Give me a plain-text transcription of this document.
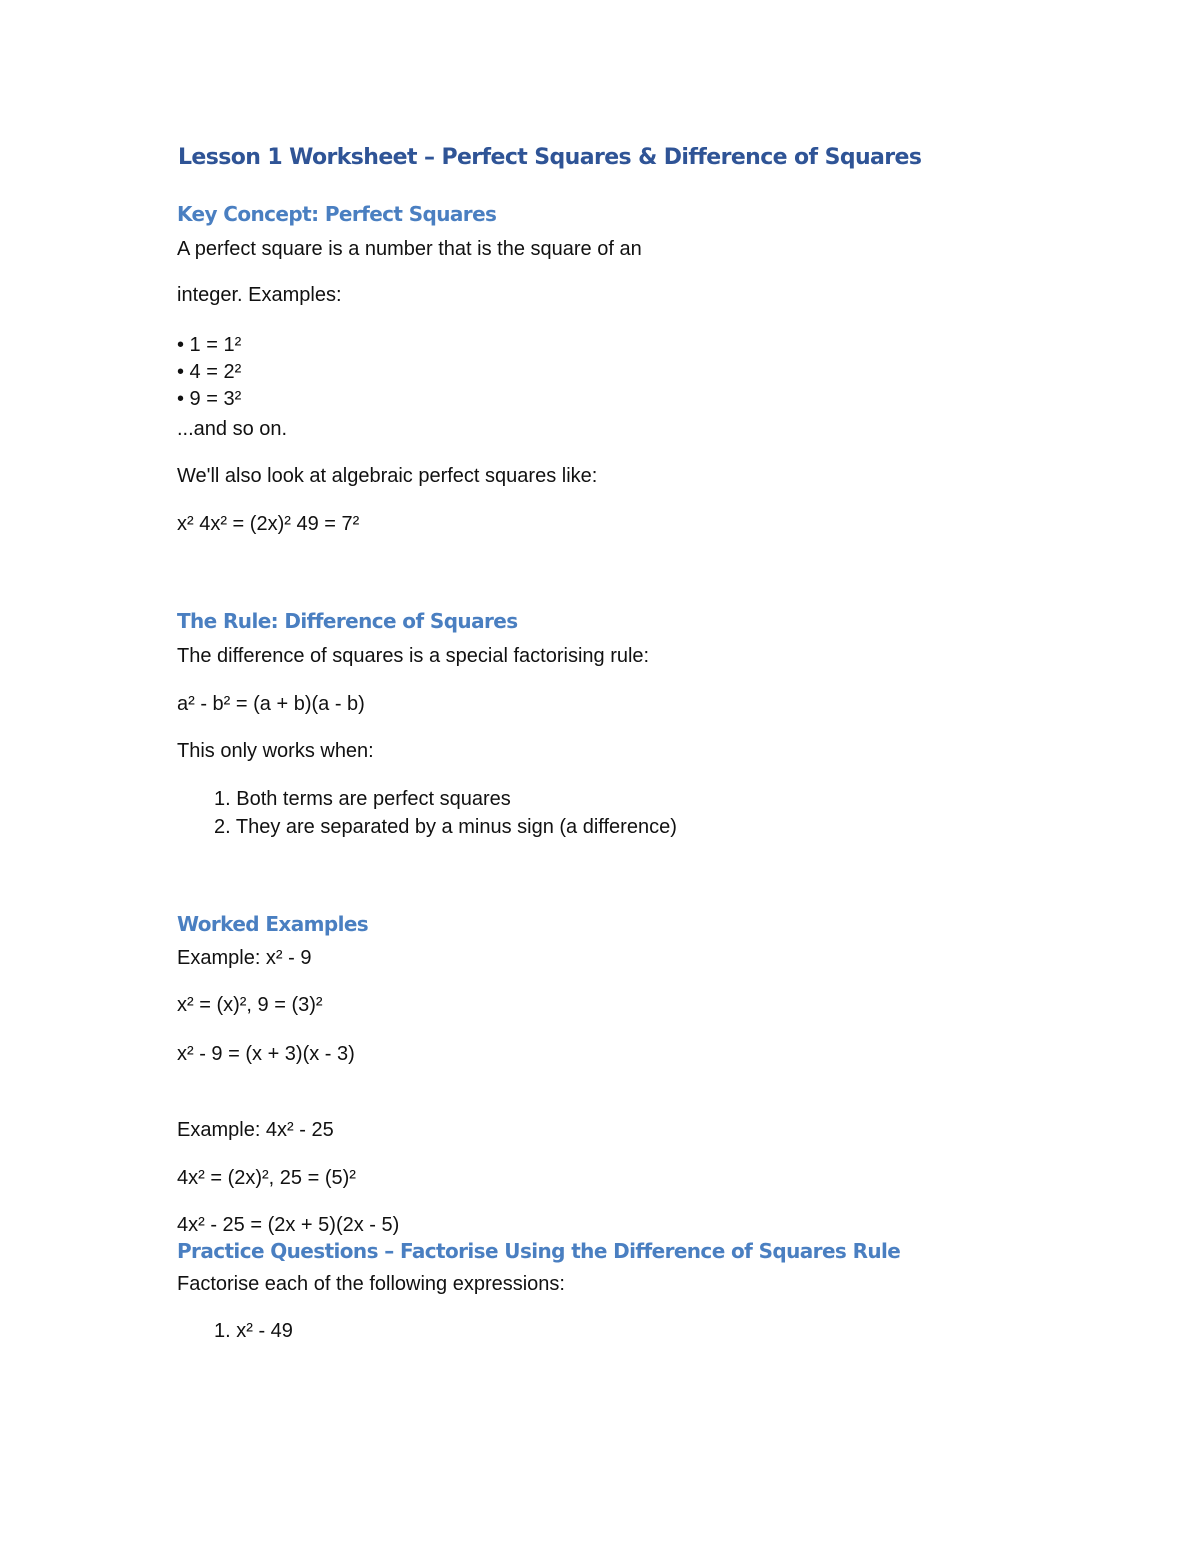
Lesson 1 Worksheet – Perfect Squares & Difference of Squares
Key Concept: Perfect Squares

A perfect square is a number that is the square of an

integer. Examples:

• 1 = 1²

• 4 = 2²

• 9 = 3²

...and so on.

We'll also look at algebraic perfect squares like:

x² 4x² = (2x)² 49 = 7²

The Rule: Difference of Squares

The difference of squares is a special factorising rule:

a² - b² = (a + b)(a - b)

This only works when:

1. Both terms are perfect squares

2. They are separated by a minus sign (a difference)

Worked Examples

Example: x² - 9

x² = (x)², 9 = (3)²

x² - 9 = (x + 3)(x - 3)

Example: 4x² - 25

4x² = (2x)², 25 = (5)²

4x² - 25 = (2x + 5)(2x - 5)

Practice Questions – Factorise Using the Difference of Squares Rule

Factorise each of the following expressions:

1. x² - 49
